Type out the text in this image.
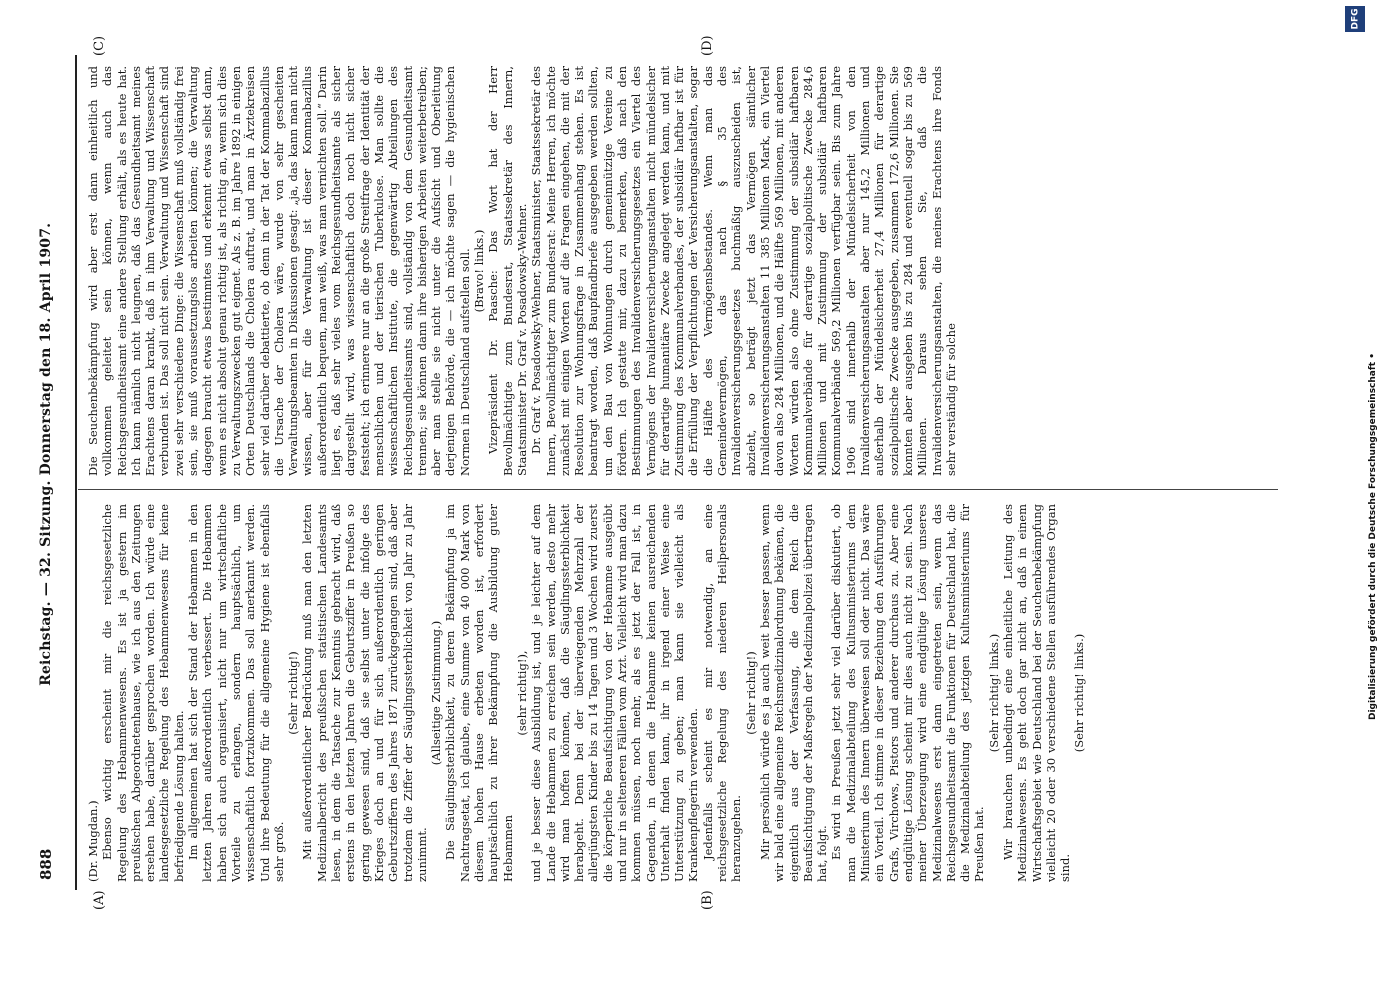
888
Reichstag. — 32. Sitzung. Donnerstag den 18. April 1907.
(A)	(B)
(C)	(D)

(Dr. Mugdan.) Ebenso wichtig erscheint mir die reichsgesetzliche Regelung des Hebammenwesens. Es ist ja gestern im preußischen Abgeordnetenhause, wie ich aus den Zeitungen ersehen habe, darüber gesprochen worden. Ich würde eine landesgesetzliche Regelung des Hebammenwesens für keine befriedigende Lösung halten. Im allgemeinen hat sich der Stand der Hebammen in den letzten Jahren außerordentlich verbessert. Die Hebammen haben sich auch organisiert, nicht nur um wirtschaftliche Vorteile zu erlangen, sondern hauptsächlich, um wissenschaftlich fortzukommen. Das soll anerkannt werden. Und ihre Bedeutung für die allgemeine Hygiene ist ebenfalls sehr groß.

(Sehr richtig!) Mit außerordentlicher Bedrückung muß man den letzten Medizinalbericht des preußischen statistischen Landesamts lesen, in dem die Tatsache zur Kenntnis gebracht wird, daß erstens in den letzten Jahren die Geburtsziffer in Preußen so gering gewesen sind, daß sie selbst unter die infolge des Krieges doch an und für sich außerordentlich geringen Geburtsziffern des Jahres 1871 zurückgegangen sind, daß aber trotzdem die Ziffer der Säuglingssterblichkeit von Jahr zu Jahr zunimmt.

(Allseitige Zustimmung.) Die Säuglingssterblichkeit, zu deren Bekämpfung ja im Nachtragsetat, ich glaube, eine Summe von 40 000 Mark von diesem hohen Hause erbeten worden ist, erfordert hauptsächlich zu ihrer Bekämpfung die Ausbildung guter Hebammen

(sehr richtig!), und je besser diese Ausbildung ist, und je leichter auf dem Lande die Hebammen zu erreichen sein werden, desto mehr wird man hoffen können, daß die Säuglingssterblichkeit herabgeht. Denn bei der überwiegenden Mehrzahl der allerjüngsten Kinder bis zu 14 Tagen und 3 Wochen wird zuerst die körperliche Beaufsichtigung von der Hebamme ausgeübt und nur in selteneren Fällen vom Arzt. Vielleicht wird man dazu kommen müssen, noch mehr, als es jetzt der Fall ist, in Gegenden, in denen die Hebamme keinen ausreichenden Unterhalt finden kann, ihr in irgend einer Weise eine Unterstützung zu geben; man kann sie vielleicht als Krankenpflegerin verwenden. Jedenfalls scheint es mir notwendig, an eine reichsgesetzliche Regelung des niederen Heilpersonals heranzugehen.

(Sehr richtig!) Mir persönlich würde es ja auch weit besser passen, wenn wir bald eine allgemeine Reichsmedizinalordnung bekämen, die eigentlich aus der Verfassung, die dem Reich die Beaufsichtigung der Maßregeln der Medizinalpolizei übertragen hat, folgt. Es wird in Preußen jetzt sehr viel darüber diskutiert, ob man die Medizinalabteilung des Kultusministeriums dem Ministerium des Innern überweisen soll oder nicht. Das wäre ein Vorteil. Ich stimme in dieser Beziehung den Ausführungen Grafs, Virchows, Pistors und anderer durchaus zu. Aber eine endgültige Lösung scheint mir dies auch nicht zu sein. Nach meiner Überzeugung wird eine endgültige Lösung unseres Medizinalwesens erst dann eingetreten sein, wenn das Reichsgesundheitsamt die Funktionen für Deutschland hat, die die Medizinalabteilung des jetzigen Kultusministeriums für Preußen hat.

(Sehr richtig! links.) Wir brauchen unbedingt eine einheitliche Leitung des Medizinalwesens. Es geht doch gar nicht an, daß in einem Wirtschaftsgebiet wie Deutschland bei der Seuchenbekämpfung vielleicht 20 oder 30 verschiedene Stellen ausführendes Organ sind.

(Sehr richtig! links.)

Die Seuchenbekämpfung wird aber erst dann einheitlich und vollkommen geleitet sein können, wenn auch das Reichsgesundheitsamt eine andere Stellung erhält, als es heute hat. Ich kann nämlich nicht leugnen, daß das Gesundheitsamt meines Erachtens daran krankt, daß in ihm Verwaltung und Wissenschaft verbunden ist. Das soll nicht sein. Verwaltung und Wissenschaft sind zwei sehr verschiedene Dinge: die Wissenschaft muß vollständig frei sein, sie muß voraussetzungslos arbeiten können; die Verwaltung dagegen braucht etwas bestimmtes und erkennt etwas selbst dann, wenn es nicht absolut genau richtig ist, als richtig an, wenn sich dies zu Verwaltungszwecken gut eignet. Als z. B. im Jahre 1892 in einigen Orten Deutschlands die Cholera auftrat, und man in Ärztekreisen sehr viel darüber debattierte, ob denn in der Tat der Kommabazillus die Ursache der Cholera wäre, wurde von sehr gescheiten Verwaltungsbeamten in Diskussionen gesagt: „ja, das kann man nicht wissen, aber für die Verwaltung ist dieser Kommabazillus außerordentlich bequem, man weiß, was man vernichten soll.“ Darin liegt es, daß sehr vieles vom Reichsgesundheitsamte als sicher dargestellt wird, was wissenschaftlich doch noch nicht sicher feststeht; ich erinnere nur an die große Streitfrage der Identität der menschlichen und der tierischen Tuberkulose. Man sollte die wissenschaftlichen Institute, die gegenwärtig Abteilungen des Reichsgesundheitsamts sind, vollständig von dem Gesundheitsamt trennen; sie können dann ihre bisherigen Arbeiten weiterbetreiben; aber man stelle sie nicht unter die Aufsicht und Oberleitung derjenigen Behörde, die — ich möchte sagen — die hygienischen Normen in Deutschland aufstellen soll. (Bravo! links.) Vizepräsident Dr. Paasche: Das Wort hat der Herr Bevollmächtigte zum Bundesrat, Staatssekretär des Innern, Staatsminister Dr. Graf v. Posadowsky-Wehner. Dr. Graf v. Posadowsky-Wehner, Staatsminister, Staatssekretär des Innern, Bevollmächtigter zum Bundesrat: Meine Herren, ich möchte zunächst mit einigen Worten auf die Fragen eingehen, die mit der Resolution zur Wohnungsfrage in Zusammenhang stehen. Es ist beantragt worden, daß Baupfandbriefe ausgegeben werden sollten, um den Bau von Wohnungen durch gemeinnützige Vereine zu fördern. Ich gestatte mir, dazu zu bemerken, daß nach den Bestimmungen des Invalidenversicherungsgesetzes ein Viertel des Vermögens der Invalidenversicherungsanstalten nicht mündelsicher für derartige humanitäre Zwecke angelegt werden kann, und mit Zustimmung des Kommunalverbandes, der subsidiär haftbar ist für die Erfüllung der Verpflichtungen der Versicherungsanstalten, sogar die Hälfte des Vermögensbestandes. Wenn man das Gemeindevermögen, das nach § 35 des Invalidenversicherungsgesetzes buchmäßig auszuscheiden ist, abzieht, so beträgt jetzt das Vermögen sämtlicher Invalidenversicherungsanstalten 11 385 Millionen Mark, ein Viertel davon also 284 Millionen, und die Hälfte 569 Millionen, mit anderen Worten würden also ohne Zustimmung der subsidiär haftbaren Kommunalverbände für derartige sozialpolitische Zwecke 284,6 Millionen und mit Zustimmung der subsidiär haftbaren Kommunalverbände 569,2 Millionen verfügbar sein. Bis zum Jahre 1906 sind innerhalb der Mündelsicherheit von den Invalidenversicherungsanstalten aber nur 145,2 Millionen und außerhalb der Mündelsicherheit 27,4 Millionen für derartige sozialpolitische Zwecke ausgegeben, zusammen 172,6 Millionen. Sie konnten aber ausgeben bis zu 284 und eventuell sogar bis zu 569 Millionen. Daraus sehen Sie, daß die Invalidenversicherungsanstalten, die meines Erachtens ihre Fonds sehr verständig für solche

DFG
Digitalisierung gefördert durch die Deutsche Forschungsgemeinschaft •
